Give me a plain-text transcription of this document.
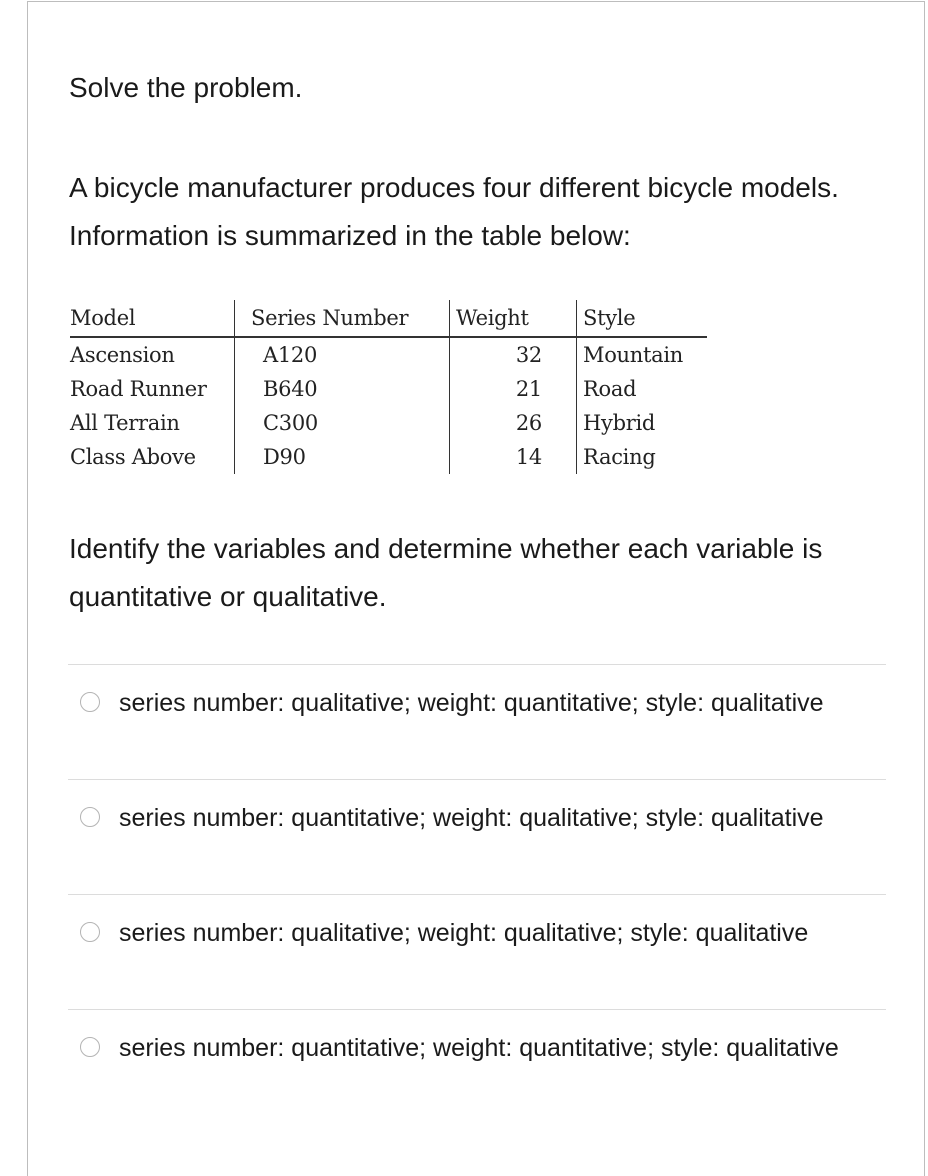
Solve the problem.
A bicycle manufacturer produces four different bicycle models. Information is summarized in the table below:
Model	Series Number	Weight	Style
Ascension	A120	32	Mountain
Road Runner	B640	21	Road
All Terrain	C300	26	Hybrid
Class Above	D90	14	Racing
Identify the variables and determine whether each variable is quantitative or qualitative.
series number: qualitative; weight: quantitative; style: qualitative
series number: quantitative; weight: qualitative; style: qualitative
series number: qualitative; weight: qualitative; style: qualitative
series number: quantitative; weight: quantitative; style: qualitative
